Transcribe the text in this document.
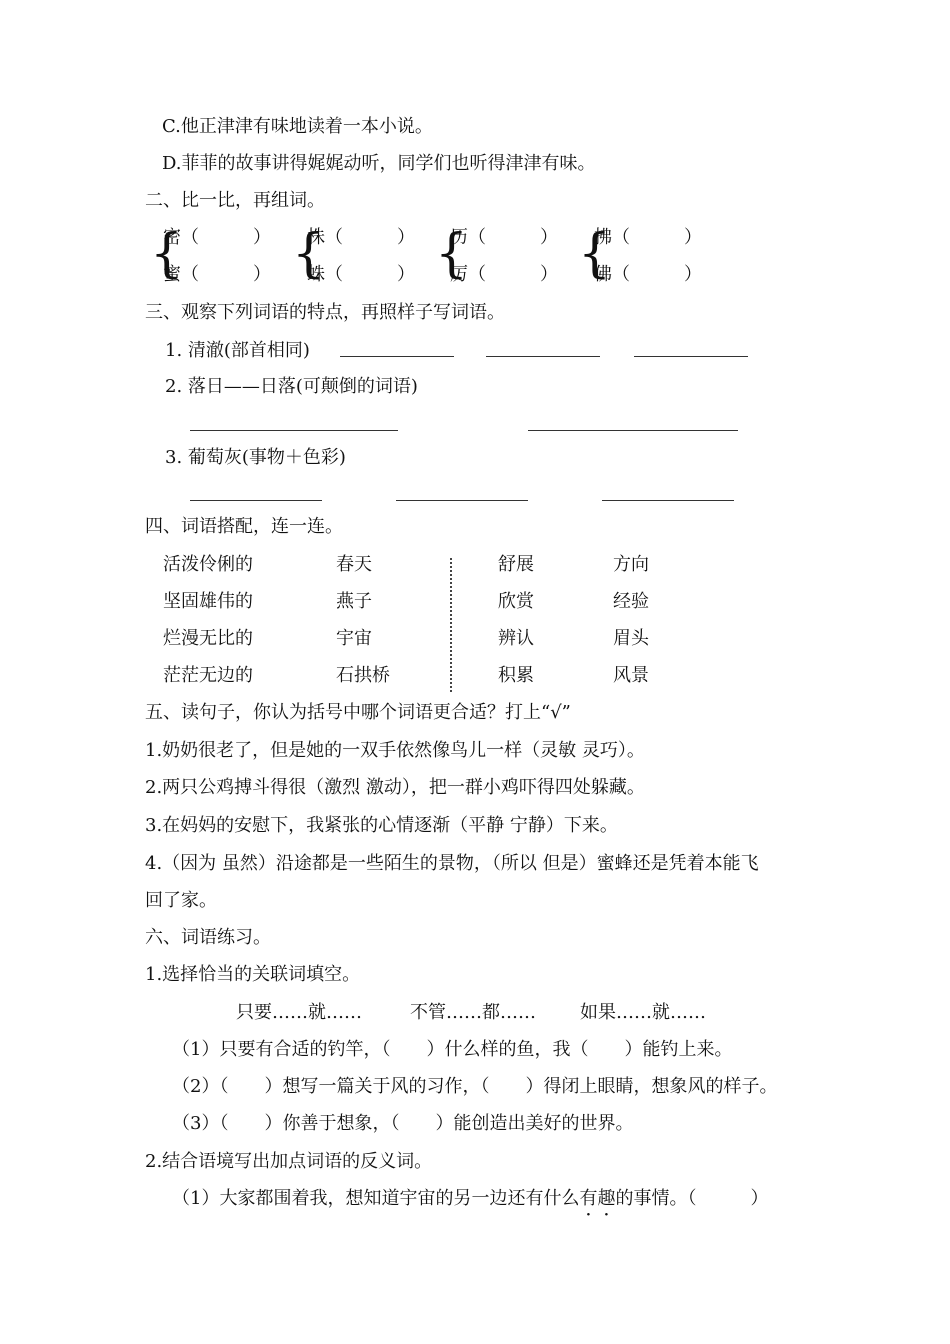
C.他正津津有味地读着一本小说。
D.菲菲的故事讲得娓娓动听，同学们也听得津津有味。
二、比一比，再组词。
{
密（　　　）
蜜（　　　） {
株（　　　）
蛛（　　　） {
历（　　　）
厉（　　　） {
拂（　　　）
佛（　　　）
三、观察下列词语的特点，再照样子写词语。
1. 清澈(部首相同)
2. 落日——日落(可颠倒的词语)
3. 葡萄灰(事物＋色彩)
四、词语搭配，连一连。
活泼伶俐的
坚固雄伟的
烂漫无比的
茫茫无边的
春天
燕子
宇宙
石拱桥
舒展
欣赏
辨认
积累
方向
经验
眉头
风景
五、读句子，你认为括号中哪个词语更合适？打上“√”
1.奶奶很老了，但是她的一双手依然像鸟儿一样（灵敏 灵巧）。
2.两只公鸡搏斗得很（激烈 激动），把一群小鸡吓得四处躲藏。
3.在妈妈的安慰下，我紧张的心情逐渐（平静 宁静）下来。
4.（因为 虽然）沿途都是一些陌生的景物，（所以 但是）蜜蜂还是凭着本能飞
回了家。
六、词语练习。
1.选择恰当的关联词填空。
只要……就……	不管……都…… 如果……就……
（1）只要有合适的钓竿，（　　）什么样的鱼，我（　　）能钓上来。
（2）（　　）想写一篇关于风的习作，（　　）得闭上眼睛，想象风的样子。
（3）（　　）你善于想象，（　　）能创造出美好的世界。
2.结合语境写出加点词语的反义词。
（1）大家都围着我，想知道宇宙的另一边还有什么有趣的事情。（　　　）
